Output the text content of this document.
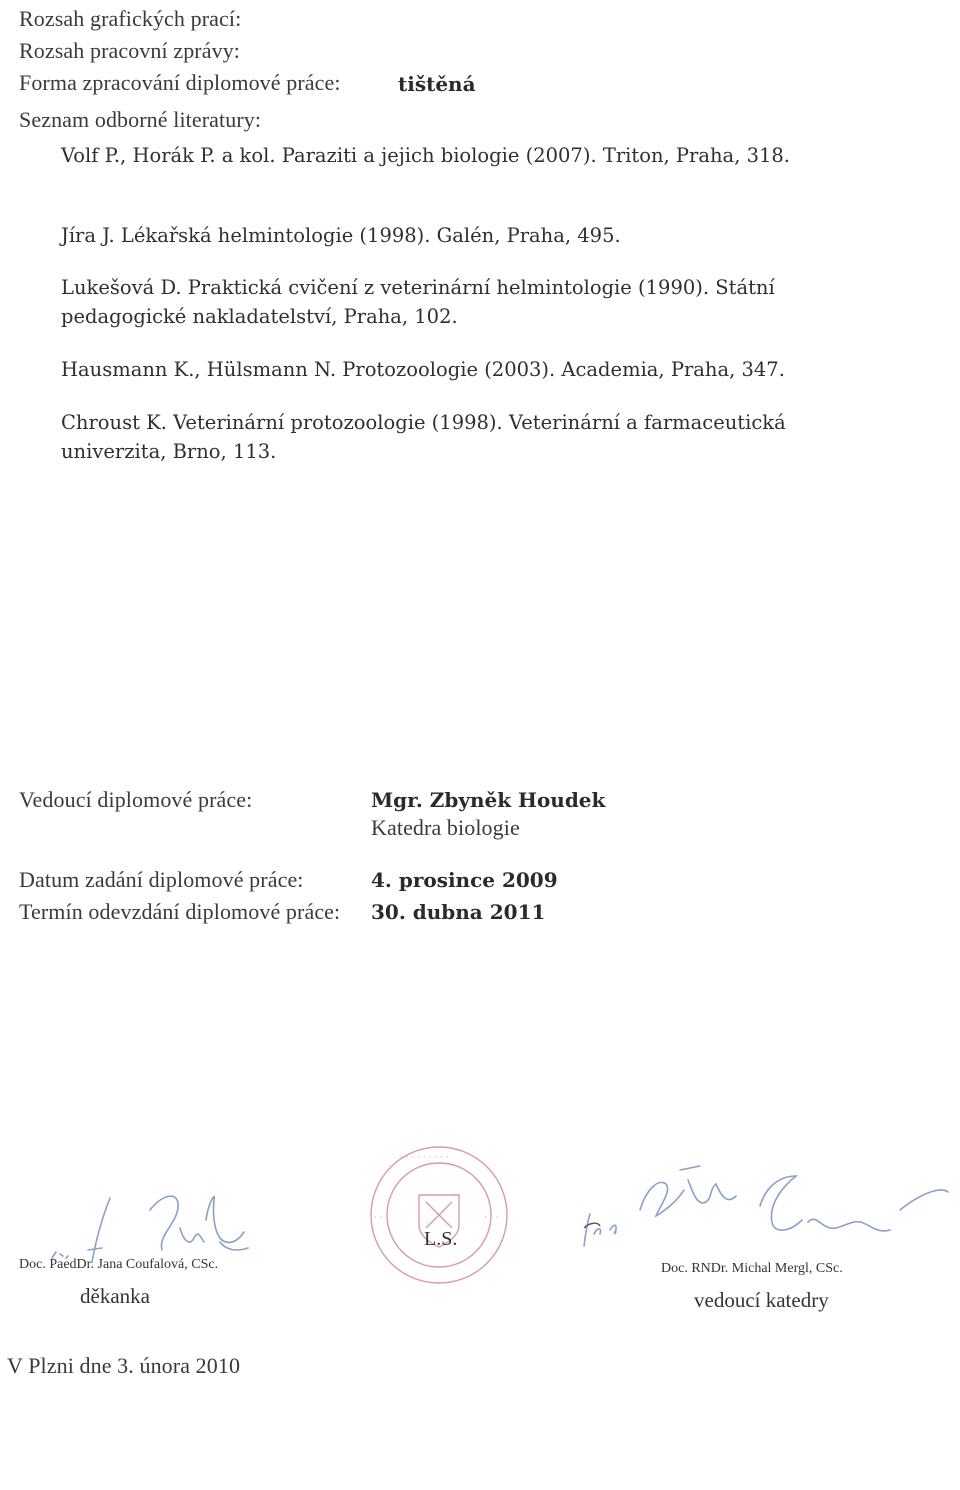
Rozsah grafických prací:
Rozsah pracovní zprávy:
Forma zpracování diplomové práce:	tištěná
Seznam odborné literatury:
Volf P., Horák P. a kol. Paraziti a jejich biologie (2007). Triton, Praha, 318.
Jíra J. Lékařská helmintologie (1998). Galén, Praha, 495.
Lukešová D. Praktická cvičení z veterinární helmintologie (1990). Státní pedagogické nakladatelství, Praha, 102.
Hausmann K., Hülsmann N. Protozoologie (2003). Academia, Praha, 347.
Chroust K. Veterinární protozoologie (1998). Veterinární a farmaceutická univerzita, Brno, 113.
Vedoucí diplomové práce:	Mgr. Zbyněk Houdek
Katedra biologie
Datum zadání diplomové práce:	4. prosince 2009
Termín odevzdání diplomové práce: 30. dubna 2011
· · · · · · · · ·
· · ·	· · ·
L.S.
Doc. PaedDr. Jana Coufalová, CSc.
děkanka
Doc. RNDr. Michal Mergl, CSc.
vedoucí katedry
V Plzni dne 3. února 2010
